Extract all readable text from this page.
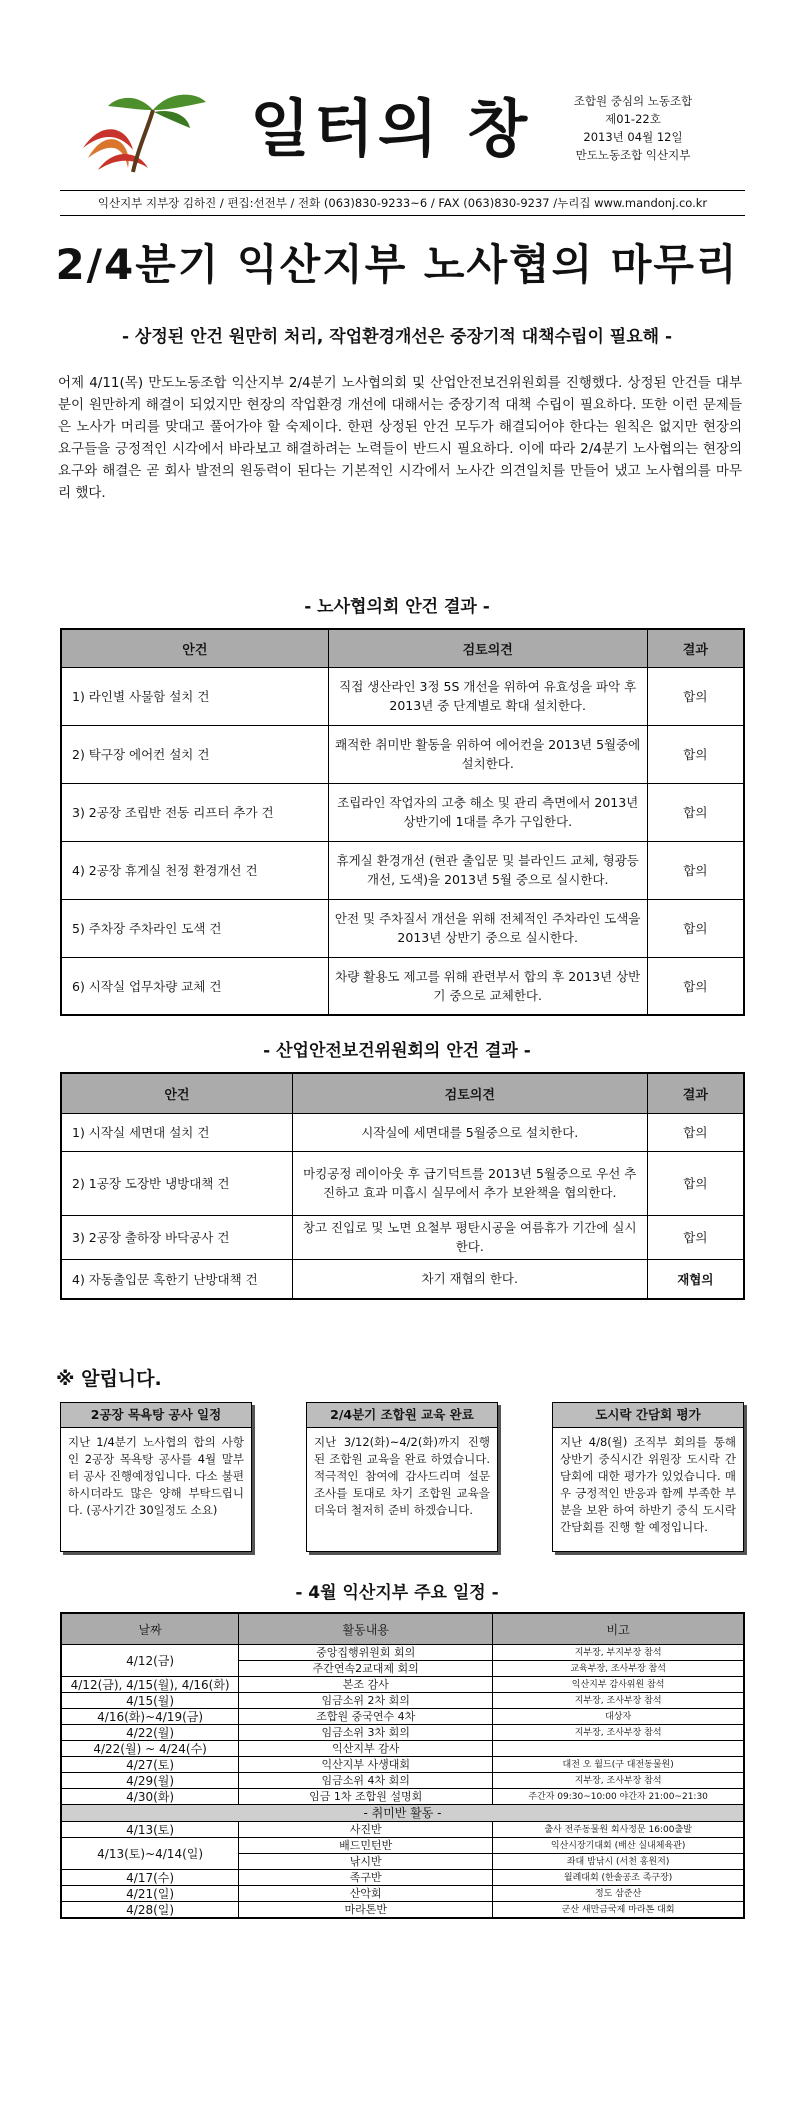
일터의 창	조합원 중심의 노동조합
제01-22호
2013년 04월 12일
만도노동조합 익산지부
익산지부 지부장 김하진 / 편집:선전부 / 전화 (063)830-9233~6 / FAX (063)830-9237 /누리집 www.mandonj.co.kr
2/4분기 익산지부 노사협의 마무리
- 상정된 안건 원만히 처리, 작업환경개선은 중장기적 대책수립이 필요해 -
어제 4/11(목) 만도노동조합 익산지부 2/4분기 노사협의회 및 산업안전보건위원회를 진행했다. 상정된 안건들 대부분이 원만하게 해결이 되었지만 현장의 작업환경 개선에 대해서는 중장기적 대책 수립이 필요하다. 또한 이런 문제들은 노사가 머리를 맞대고 풀어가야 할 숙제이다. 한편 상정된 안건 모두가 해결되어야 한다는 원칙은 없지만 현장의 요구들을 긍정적인 시각에서 바라보고 해결하려는 노력들이 반드시 필요하다. 이에 따라 2/4분기 노사협의는 현장의 요구와 해결은 곧 회사 발전의 원동력이 된다는 기본적인 시각에서 노사간 의견일치를 만들어 냈고 노사협의를 마무리 했다.
- 노사협의회 안건 결과 -
안건	검토의견	결과
1) 라인별 사물함 설치 건	직접 생산라인 3정 5S 개선을 위하여 유효성을 파악 후 2013년 중 단계별로 확대 설치한다.	합의
2) 탁구장 에어컨 설치 건	쾌적한 취미반 활동을 위하여 에어컨을 2013년 5월중에 설치한다.	합의
3) 2공장 조립반 전동 리프터 추가 건	조립라인 작업자의 고충 해소 및 관리 측면에서 2013년 상반기에 1대를 추가 구입한다.	합의
4) 2공장 휴게실 천정 환경개선 건	휴게실 환경개선 (현관 출입문 및 블라인드 교체, 형광등 개선, 도색)을 2013년 5월 중으로 실시한다.	합의
5) 주차장 주차라인 도색 건	안전 및 주차질서 개선을 위해 전체적인 주차라인 도색을 2013년 상반기 중으로 실시한다.	합의
6) 시작실 업무차량 교체 건	차량 활용도 제고를 위해 관련부서 합의 후 2013년 상반기 중으로 교체한다.	합의
- 산업안전보건위원회의 안건 결과 -
안건	검토의견	결과
1) 시작실 세면대 설치 건	시작실에 세면대를 5월중으로 설치한다.	합의
2) 1공장 도장반 냉방대책 건	마킹공정 레이아웃 후 급기덕트를 2013년 5월중으로 우선 추진하고 효과 미흡시 실무에서 추가 보완책을 협의한다.	합의
3) 2공장 출하장 바닥공사 건	창고 진입로 및 노면 요철부 평탄시공을 여름휴가 기간에 실시한다.	합의
4) 자동출입문 혹한기 난방대책 건	차기 재협의 한다.	재협의
※ 알립니다.
2공장 목욕탕 공사 일정
지난 1/4분기 노사협의 합의 사항인 2공장 목욕탕 공사를 4월 말부터 공사 진행예정입니다. 다소 불편하시더라도 많은 양해 부탁드립니다. (공사기간 30일정도 소요)
2/4분기 조합원 교육 완료
지난 3/12(화)~4/2(화)까지 진행된 조합원 교육을 완료 하였습니다. 적극적인 참여에 감사드리며 설문조사를 토대로 차기 조합원 교육을 더욱더 철저히 준비 하겠습니다.
도시락 간담회 평가
지난 4/8(월) 조직부 회의를 통해 상반기 중식시간 위원장 도시락 간담회에 대한 평가가 있었습니다. 매우 긍정적인 반응과 함께 부족한 부분을 보완 하여 하반기 중식 도시락간담회를 진행 할 예정입니다.
- 4월 익산지부 주요 일정 -
날짜	활동내용	비고
4/12(금)	중앙집행위원회 회의	지부장, 부지부장 참석
	주간연속2교대제 회의	교육부장, 조사부장 참석
4/12(금), 4/15(월), 4/16(화)	본조 감사	익산지부 감사위원 참석
4/15(월)	임금소위 2차 회의	지부장, 조사부장 참석
4/16(화)~4/19(금)	조합원 중국연수 4차	대상자
4/22(월)	임금소위 3차 회의	지부장, 조사부장 참석
4/22(월) ~ 4/24(수)	익산지부 감사	
4/27(토)	익산지부 사생대회	대전 오 월드(구 대전동물원)
4/29(월)	임금소위 4차 회의	지부장, 조사부장 참석
4/30(화)	임금 1차 조합원 설명회	주간자 09:30~10:00 야간자 21:00~21:30
- 취미반 활동 -		
4/13(토)	사진반	출사 전주동물원 회사정문 16:00출발
4/13(토)~4/14(일)	배드민턴반	익산시장기대회 (배산 실내체육관)
	낚시반	좌대 밤낚시 (서천 홍원저)
4/17(수)	족구반	월례대회 (한솔공조 족구장)
4/21(일)	산악회	정도 삼준산
4/28(일)	마라톤반	군산 새만금국제 마라톤 대회
